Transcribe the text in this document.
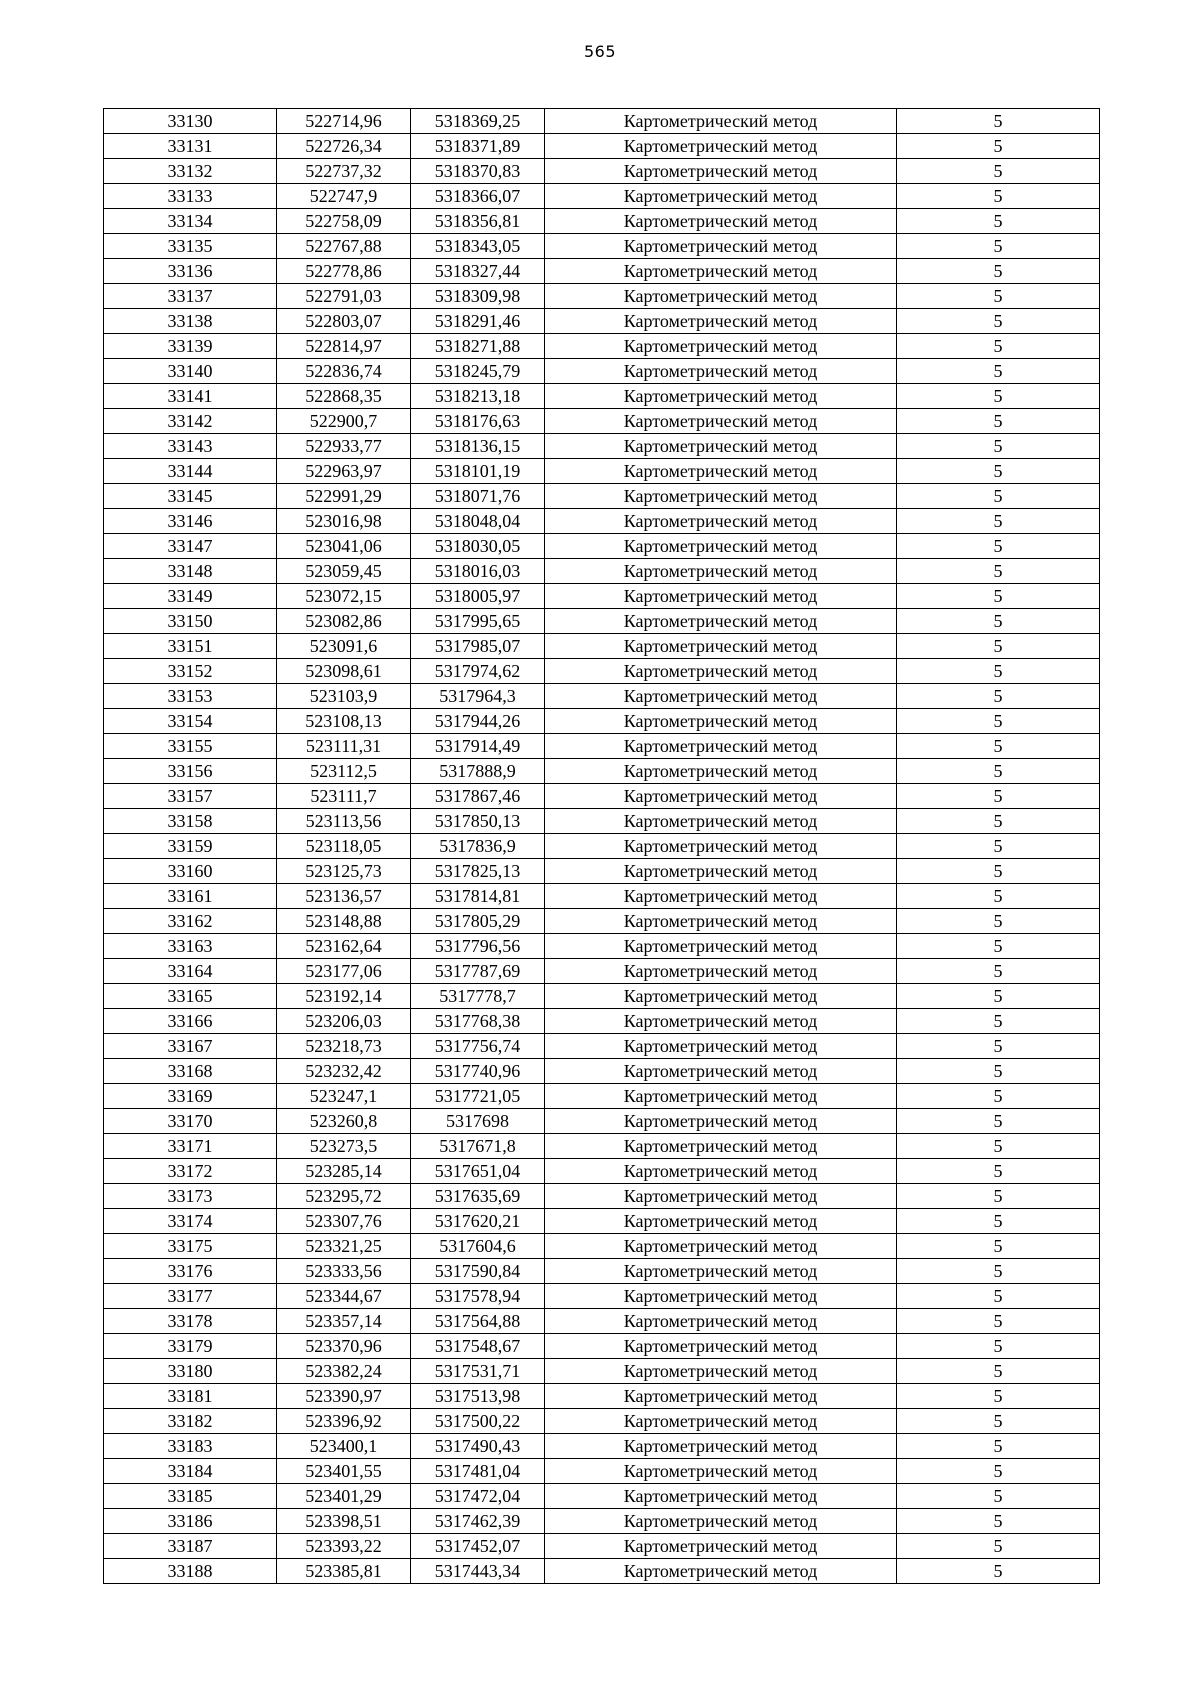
565
33130	522714,96	5318369,25	Картометрический метод	5
33131	522726,34	5318371,89	Картометрический метод	5
33132	522737,32	5318370,83	Картометрический метод	5
33133	522747,9	5318366,07	Картометрический метод	5
33134	522758,09	5318356,81	Картометрический метод	5
33135	522767,88	5318343,05	Картометрический метод	5
33136	522778,86	5318327,44	Картометрический метод	5
33137	522791,03	5318309,98	Картометрический метод	5
33138	522803,07	5318291,46	Картометрический метод	5
33139	522814,97	5318271,88	Картометрический метод	5
33140	522836,74	5318245,79	Картометрический метод	5
33141	522868,35	5318213,18	Картометрический метод	5
33142	522900,7	5318176,63	Картометрический метод	5
33143	522933,77	5318136,15	Картометрический метод	5
33144	522963,97	5318101,19	Картометрический метод	5
33145	522991,29	5318071,76	Картометрический метод	5
33146	523016,98	5318048,04	Картометрический метод	5
33147	523041,06	5318030,05	Картометрический метод	5
33148	523059,45	5318016,03	Картометрический метод	5
33149	523072,15	5318005,97	Картометрический метод	5
33150	523082,86	5317995,65	Картометрический метод	5
33151	523091,6	5317985,07	Картометрический метод	5
33152	523098,61	5317974,62	Картометрический метод	5
33153	523103,9	5317964,3	Картометрический метод	5
33154	523108,13	5317944,26	Картометрический метод	5
33155	523111,31	5317914,49	Картометрический метод	5
33156	523112,5	5317888,9	Картометрический метод	5
33157	523111,7	5317867,46	Картометрический метод	5
33158	523113,56	5317850,13	Картометрический метод	5
33159	523118,05	5317836,9	Картометрический метод	5
33160	523125,73	5317825,13	Картометрический метод	5
33161	523136,57	5317814,81	Картометрический метод	5
33162	523148,88	5317805,29	Картометрический метод	5
33163	523162,64	5317796,56	Картометрический метод	5
33164	523177,06	5317787,69	Картометрический метод	5
33165	523192,14	5317778,7	Картометрический метод	5
33166	523206,03	5317768,38	Картометрический метод	5
33167	523218,73	5317756,74	Картометрический метод	5
33168	523232,42	5317740,96	Картометрический метод	5
33169	523247,1	5317721,05	Картометрический метод	5
33170	523260,8	5317698	Картометрический метод	5
33171	523273,5	5317671,8	Картометрический метод	5
33172	523285,14	5317651,04	Картометрический метод	5
33173	523295,72	5317635,69	Картометрический метод	5
33174	523307,76	5317620,21	Картометрический метод	5
33175	523321,25	5317604,6	Картометрический метод	5
33176	523333,56	5317590,84	Картометрический метод	5
33177	523344,67	5317578,94	Картометрический метод	5
33178	523357,14	5317564,88	Картометрический метод	5
33179	523370,96	5317548,67	Картометрический метод	5
33180	523382,24	5317531,71	Картометрический метод	5
33181	523390,97	5317513,98	Картометрический метод	5
33182	523396,92	5317500,22	Картометрический метод	5
33183	523400,1	5317490,43	Картометрический метод	5
33184	523401,55	5317481,04	Картометрический метод	5
33185	523401,29	5317472,04	Картометрический метод	5
33186	523398,51	5317462,39	Картометрический метод	5
33187	523393,22	5317452,07	Картометрический метод	5
33188	523385,81	5317443,34	Картометрический метод	5
